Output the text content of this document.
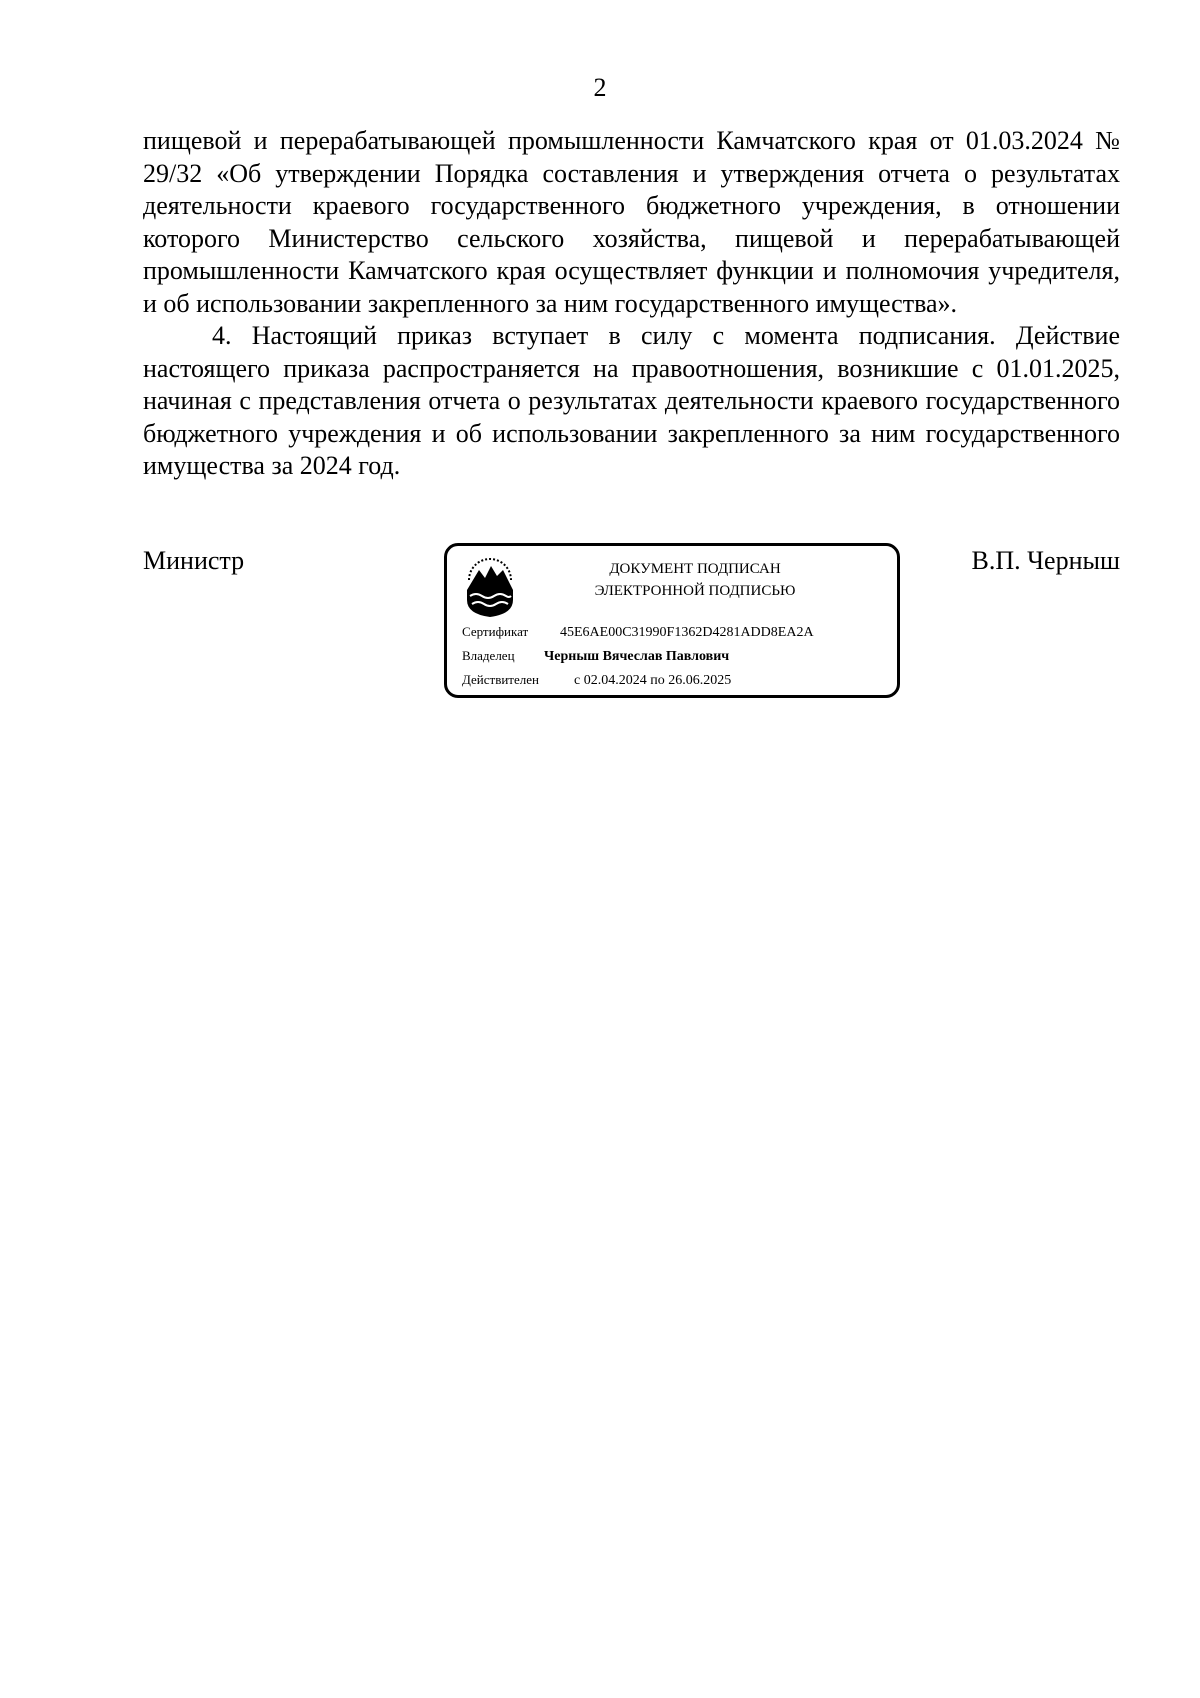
2

пищевой и перерабатывающей промышленности Камчатского края от 01.03.2024 № 29/32 «Об утверждении Порядка составления и утверждения отчета о результатах деятельности краевого государственного бюджетного учреждения, в отношении которого Министерство сельского хозяйства, пищевой и перерабатывающей промышленности Камчатского края осуществляет функции и полномочия учредителя, и об использовании закрепленного за ним государственного имущества».

4. Настоящий приказ вступает в силу с момента подписания. Действие настоящего приказа распространяется на правоотношения, возникшие с 01.01.2025, начиная с представления отчета о результатах деятельности краевого государственного бюджетного учреждения и об использовании закрепленного за ним государственного имущества за 2024 год.

Министр	ДОКУМЕНТ ПОДПИСАН
ЭЛЕКТРОННОЙ ПОДПИСЬЮ
Сертификат 45E6AE00C31990F1362D4281ADD8EA2A
Владелец Черныш Вячеслав Павлович
Действителен	с 02.04.2024 по 26.06.2025
В.П. Черныш
